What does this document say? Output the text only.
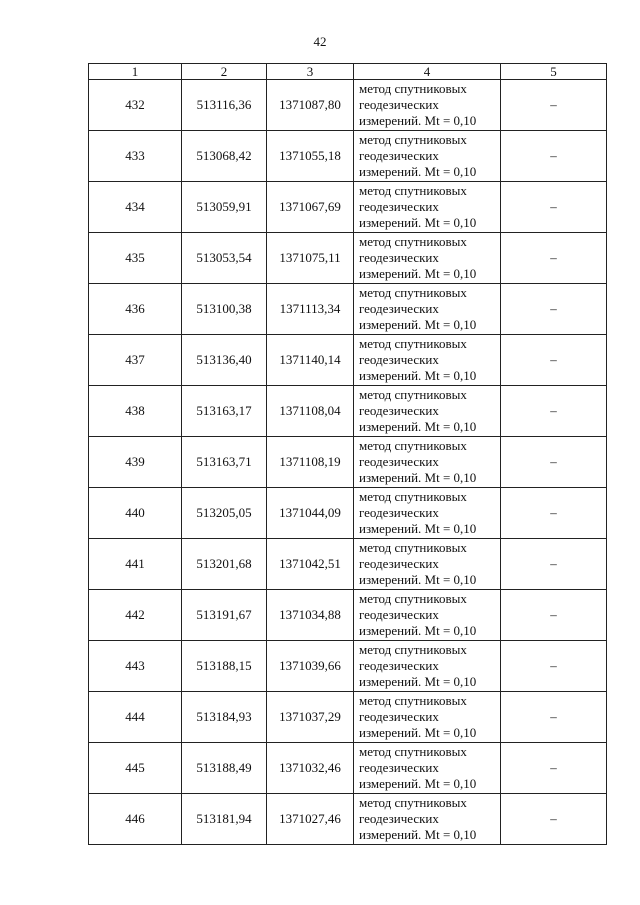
42
1	2	3	4	5
432	513116,36	1371087,80	метод спутниковых
геодезических
измерений. Mt = 0,10	–
433	513068,42	1371055,18	метод спутниковых
геодезических
измерений. Mt = 0,10	–
434	513059,91	1371067,69	метод спутниковых
геодезических
измерений. Mt = 0,10	–
435	513053,54	1371075,11	метод спутниковых
геодезических
измерений. Mt = 0,10	–
436	513100,38	1371113,34	метод спутниковых
геодезических
измерений. Mt = 0,10	–
437	513136,40	1371140,14	метод спутниковых
геодезических
измерений. Mt = 0,10	–
438	513163,17	1371108,04	метод спутниковых
геодезических
измерений. Mt = 0,10	–
439	513163,71	1371108,19	метод спутниковых
геодезических
измерений. Mt = 0,10	–
440	513205,05	1371044,09	метод спутниковых
геодезических
измерений. Mt = 0,10	–
441	513201,68	1371042,51	метод спутниковых
геодезических
измерений. Mt = 0,10	–
442	513191,67	1371034,88	метод спутниковых
геодезических
измерений. Mt = 0,10	–
443	513188,15	1371039,66	метод спутниковых
геодезических
измерений. Mt = 0,10	–
444	513184,93	1371037,29	метод спутниковых
геодезических
измерений. Mt = 0,10	–
445	513188,49	1371032,46	метод спутниковых
геодезических
измерений. Mt = 0,10	–
446	513181,94	1371027,46	метод спутниковых
геодезических
измерений. Mt = 0,10	–
